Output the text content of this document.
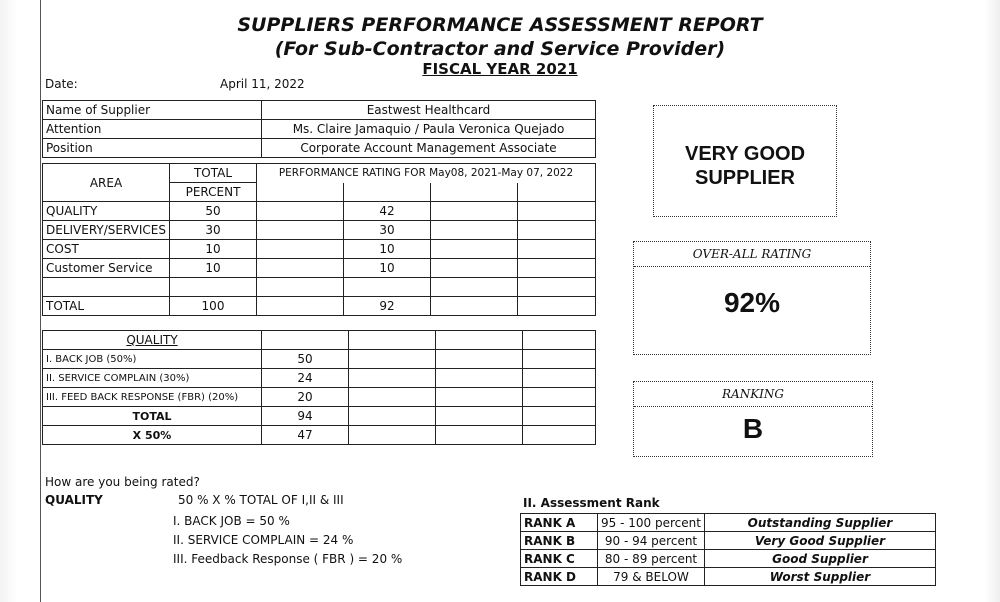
SUPPLIERS PERFORMANCE ASSESSMENT REPORT
(For Sub-Contractor and Service Provider)
FISCAL YEAR 2021
Date:	April 11, 2022
Name of Supplier	Eastwest Healthcard
Attention	Ms. Claire Jamaquio / Paula Veronica Quejado
Position	Corporate Account Management Associate
AREA	TOTAL	PERFORMANCE RATING FOR May08, 2021-May 07, 2022			
	PERCENT				
QUALITY	50		42		
DELIVERY/SERVICES	30		30		
COST	10		10		
Customer Service	10		10		

TOTAL	100		92		
QUALITY				
I. BACK JOB (50%)	50			
II. SERVICE COMPLAIN (30%)	24			
III. FEED BACK RESPONSE (FBR) (20%)	20			
TOTAL	94			
X 50%	47			
VERY GOOD
SUPPLIER
OVER-ALL RATING
92%
RANKING
B
How are you being rated?
QUALITY	50 % X % TOTAL OF I,II & III
I. BACK JOB = 50 %
II. SERVICE COMPLAIN = 24 %
III. Feedback Response ( FBR ) = 20 %
II. Assessment Rank
RANK A	95 - 100 percent	Outstanding Supplier
RANK B	90 - 94 percent	Very Good Supplier
RANK C	80 - 89 percent	Good Supplier
RANK D	79 & BELOW	Worst Supplier
